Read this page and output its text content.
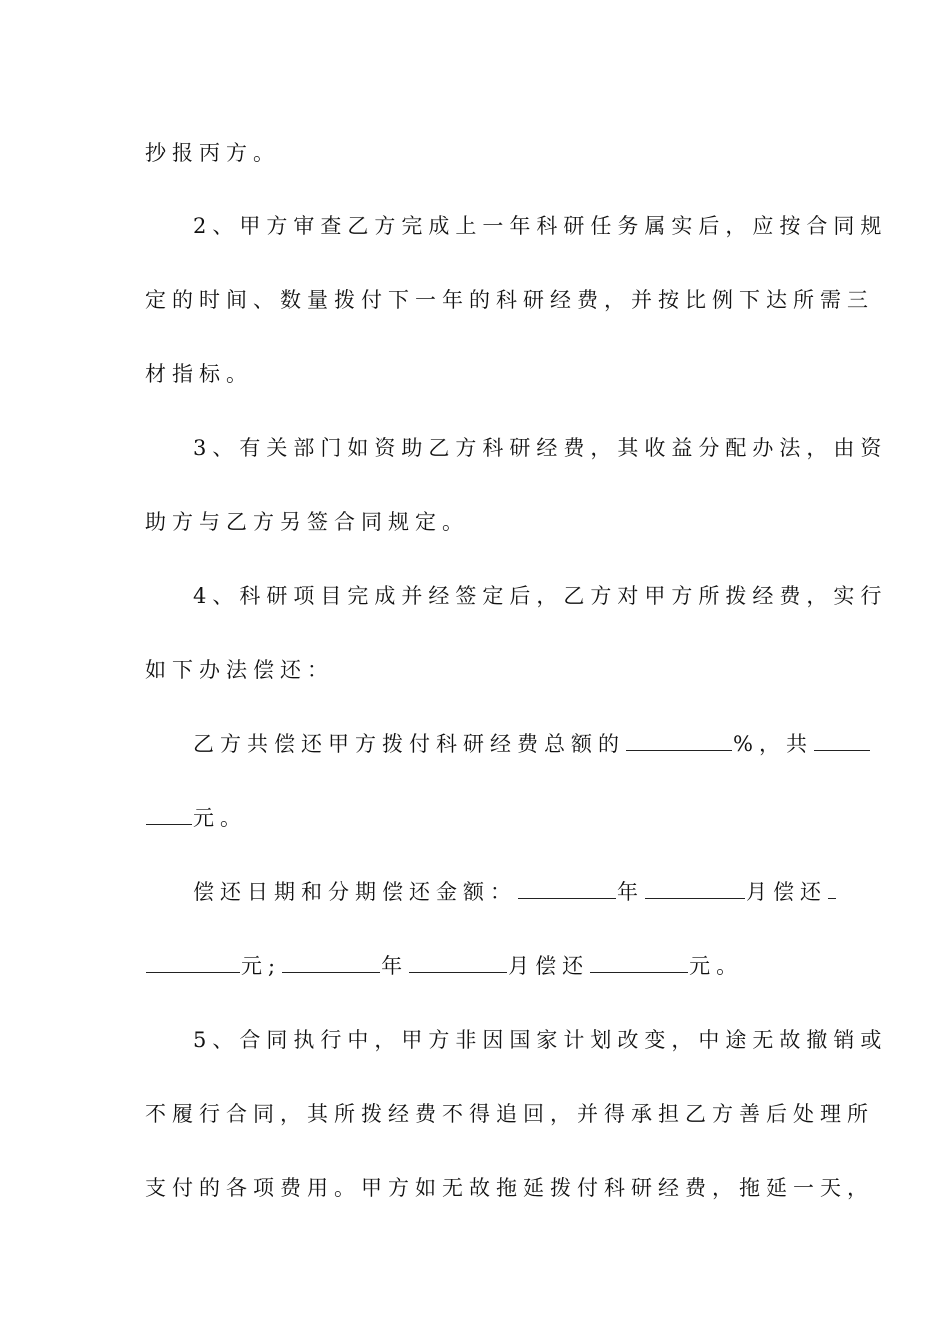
抄报丙方。
2、甲方审查乙方完成上一年科研任务属实后，应按合同规
定的时间、数量拨付下一年的科研经费，并按比例下达所需三
材指标。
3、有关部门如资助乙方科研经费，其收益分配办法，由资
助方与乙方另签合同规定。
4、科研项目完成并经签定后，乙方对甲方所拨经费，实行
如下办法偿还：
乙方共偿还甲方拨付科研经费总额的	%，共
元。
偿还日期和分期偿还金额：	年	月偿还
元;	年	月偿还	元。
5、合同执行中，甲方非因国家计划改变，中途无故撤销或
不履行合同，其所拨经费不得追回，并得承担乙方善后处理所
支付的各项费用。甲方如无故拖延拨付科研经费，拖延一天，
